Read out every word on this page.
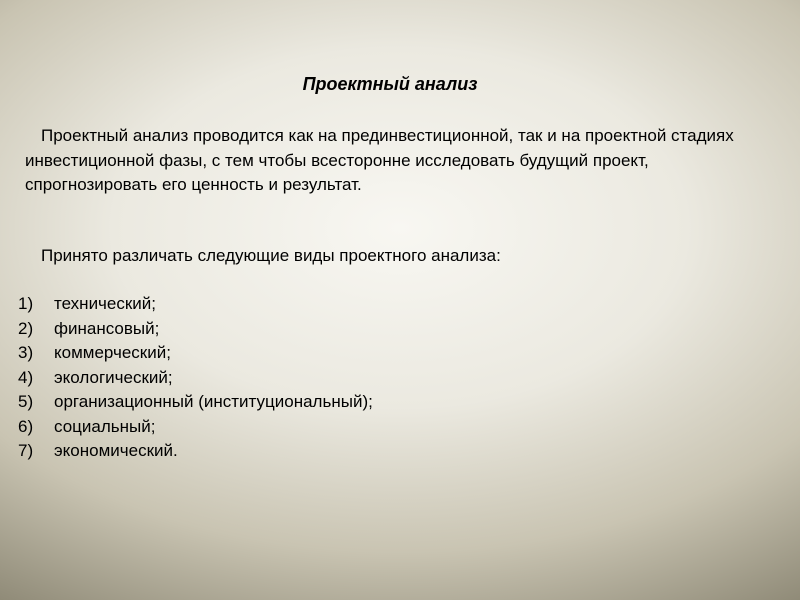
Проектный анализ

Проектный анализ проводится как на прединвестиционной, так и на проектной стадиях инвестиционной фазы, с тем чтобы всесторонне исследовать будущий проект, спрогнозировать его ценность и результат.

Принято различать следующие виды проектного анализа:

1) технический;
2) финансовый;
3) коммерческий;
4) экологический;
5) организационный (институциональный);
6) социальный;
7) экономический.
